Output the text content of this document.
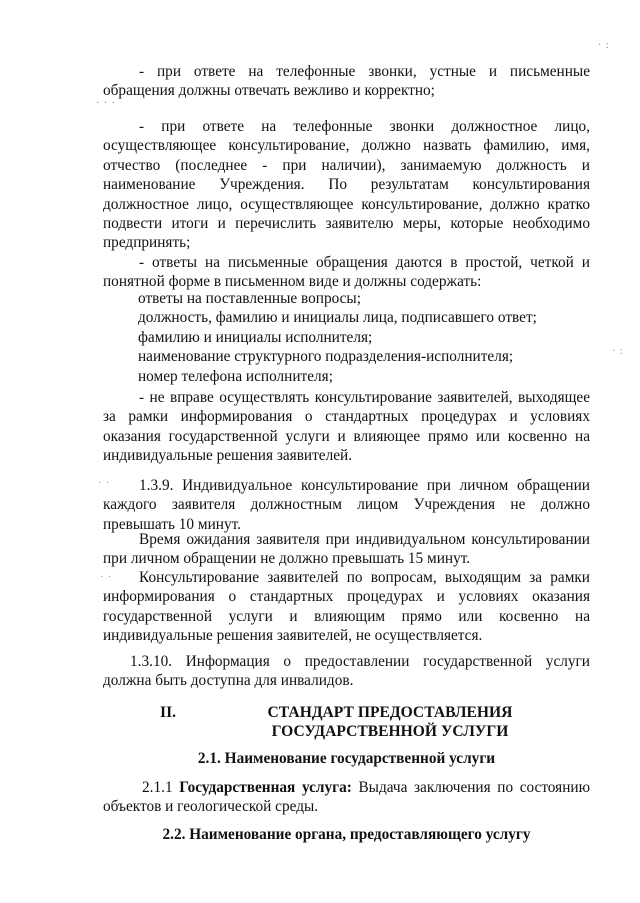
- при ответе на телефонные звонки, устные и письменные обращения должны отвечать вежливо и корректно;

- при ответе на телефонные звонки должностное лицо, осуществляющее консультирование, должно назвать фамилию, имя, отчество (последнее - при наличии), занимаемую должность и наименование Учреждения. По результатам консультирования должностное лицо, осуществляющее консультирование, должно кратко подвести итоги и перечислить заявителю меры, которые необходимо предпринять;

- ответы на письменные обращения даются в простой, четкой и понятной форме в письменном виде и должны содержать:

ответы на поставленные вопросы;
должность, фамилию и инициалы лица, подписавшего ответ;
фамилию и инициалы исполнителя;
наименование структурного подразделения-исполнителя;
номер телефона исполнителя;

- не вправе осуществлять консультирование заявителей, выходящее за рамки информирования о стандартных процедурах и условиях оказания государственной услуги и влияющее прямо или косвенно на индивидуальные решения заявителей.

1.3.9. Индивидуальное консультирование при личном обращении каждого заявителя должностным лицом Учреждения не должно превышать 10 минут.

Время ожидания заявителя при индивидуальном консультировании при личном обращении не должно превышать 15 минут.

Консультирование заявителей по вопросам, выходящим за рамки информирования о стандартных процедурах и условиях оказания государственной услуги и влияющим прямо или косвенно на индивидуальные решения заявителей, не осуществляется.

1.3.10. Информация о предоставлении государственной услуги должна быть доступна для инвалидов.

II.	СТАНДАРТ ПРЕДОСТАВЛЕНИЯ ГОСУДАРСТВЕННОЙ УСЛУГИ

2.1. Наименование государственной услуги

2.1.1 Государственная услуга: Выдача заключения по состоянию объектов и геологической среды.

2.2. Наименование органа, предоставляющего услугу

· · ·
· ·
· ·
· :
· :
